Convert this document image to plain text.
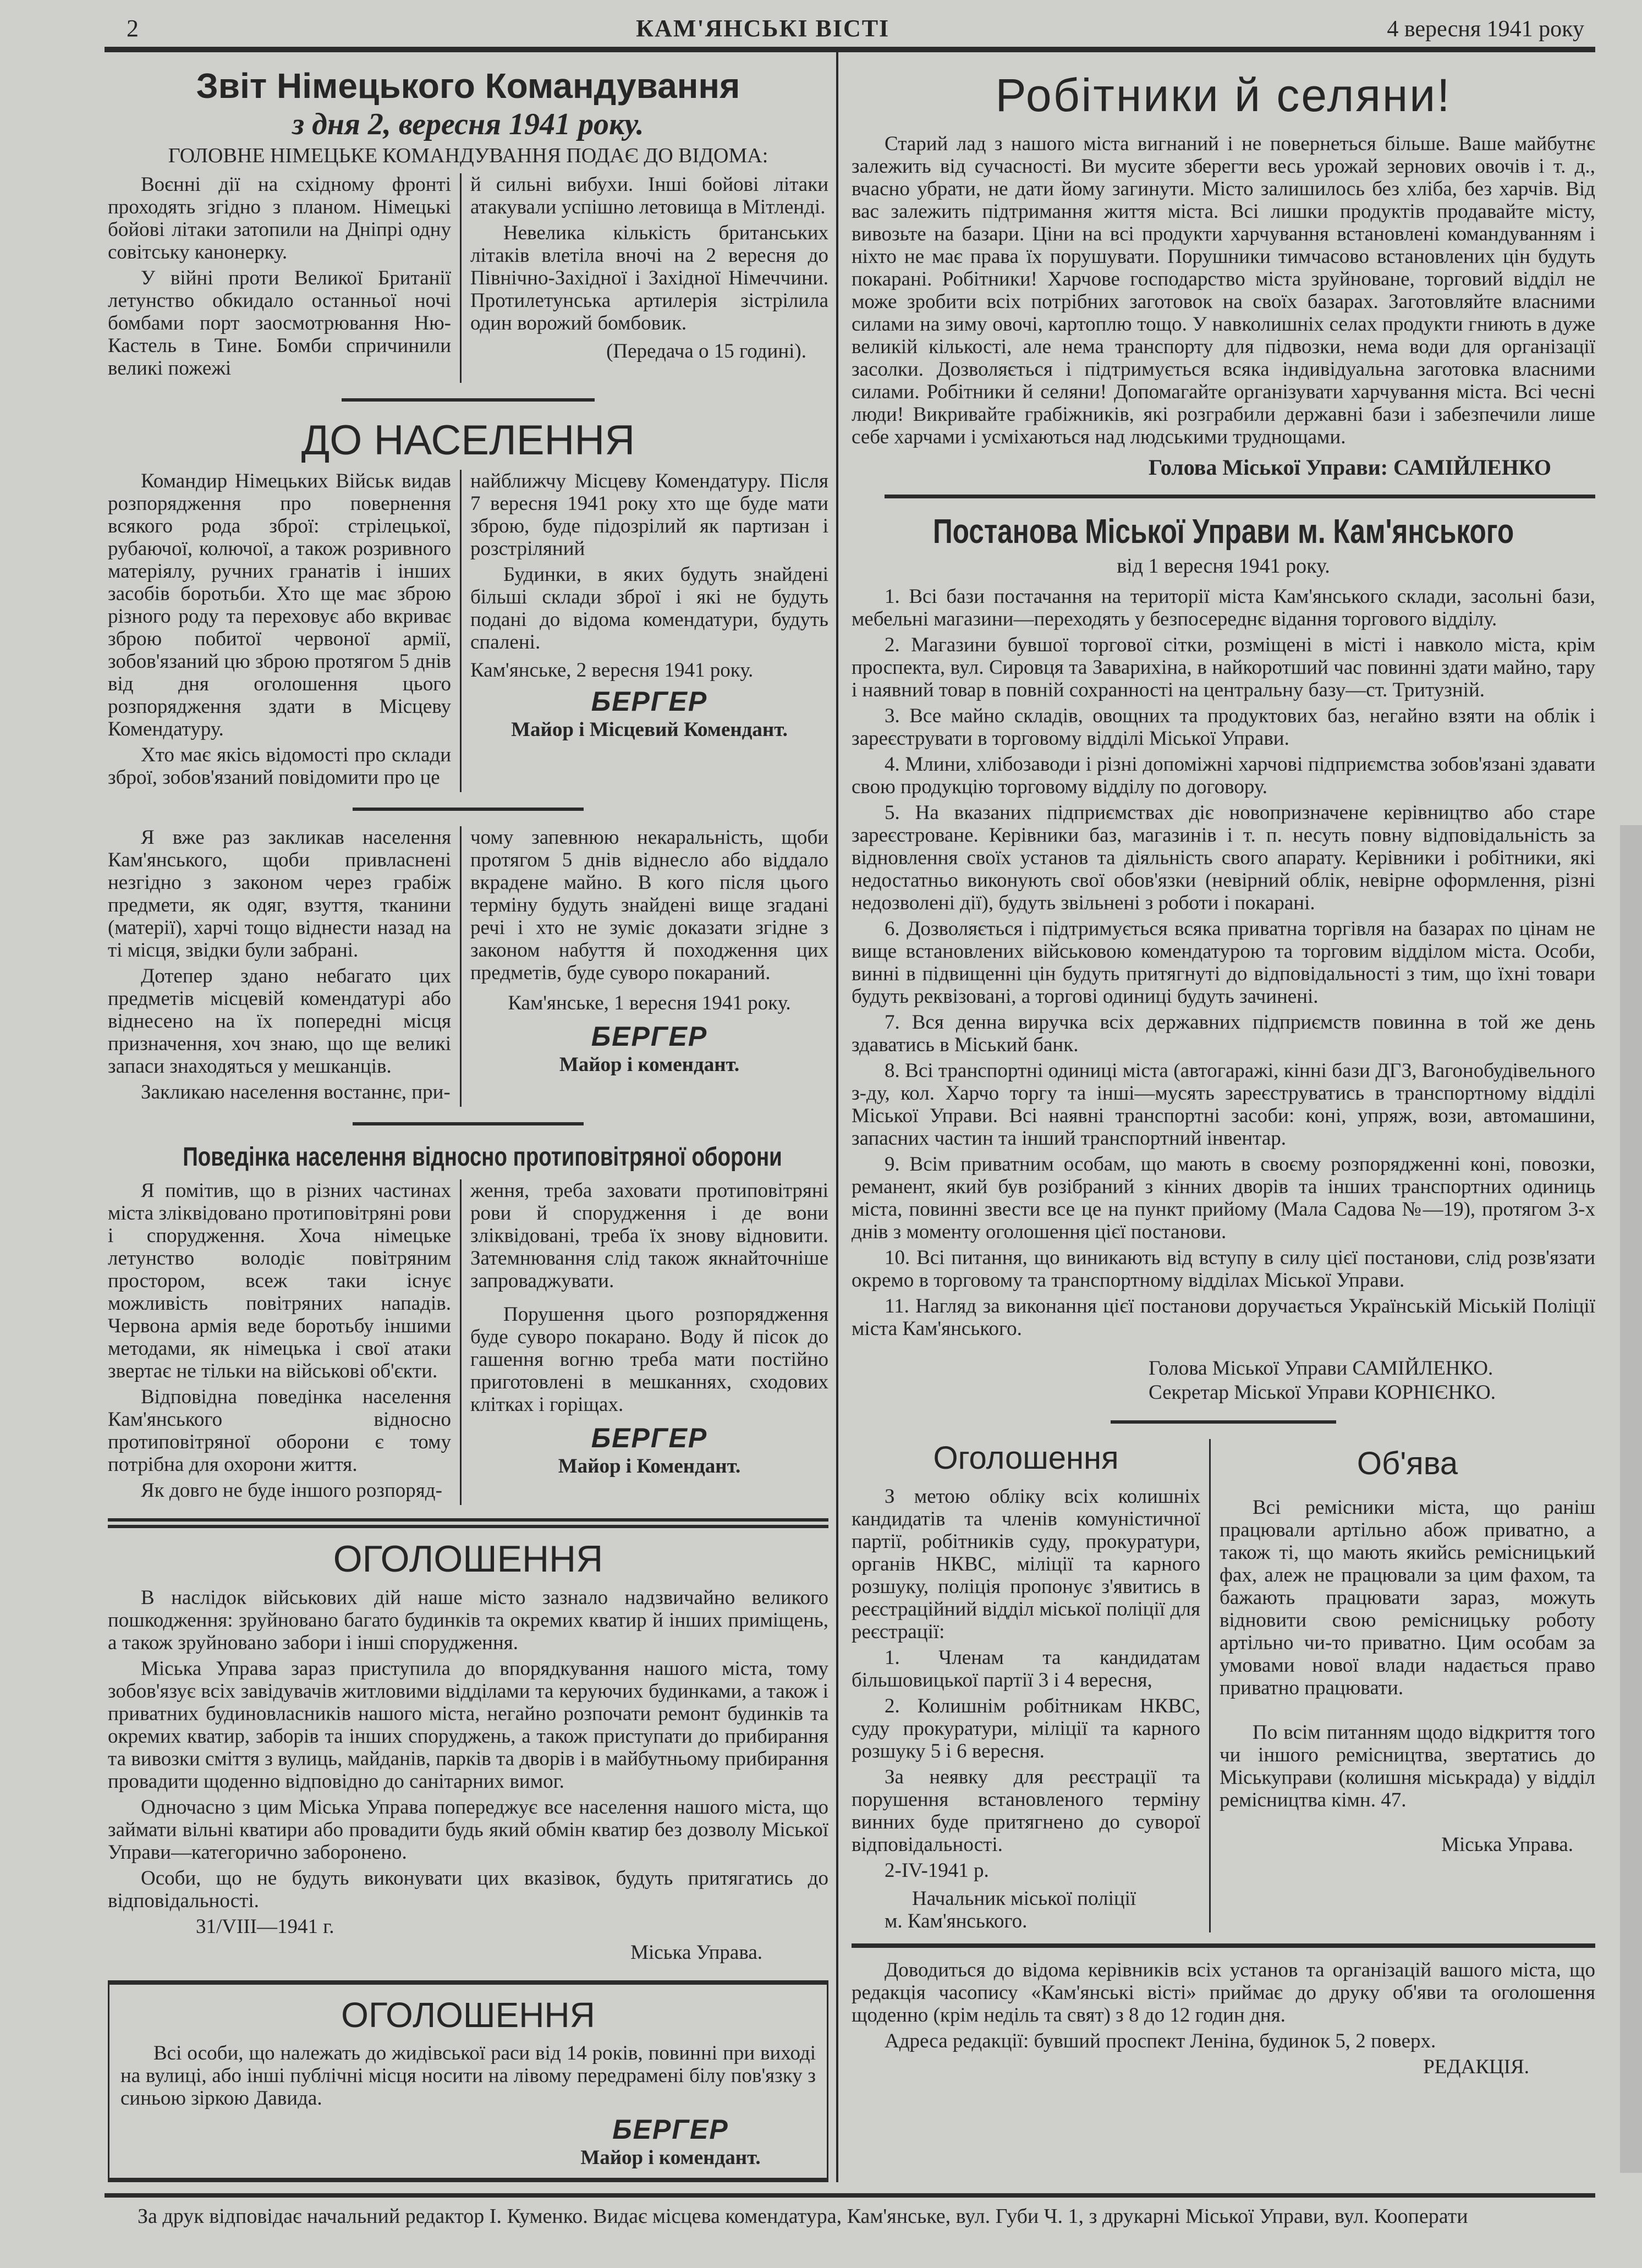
2	КАМ'ЯНСЬКІ ВІСТІ	4 вересня 1941 року
Звіт Німецького Командування
з дня 2, вересня 1941 року.
ГОЛОВНЕ НІМЕЦЬКЕ КОМАНДУВАННЯ ПОДАЄ ДО ВІДОМА:

Воєнні дії на східному фронті проходять згідно з планом. Німецькі бойові літаки затопили на Дніпрі одну совітську канонерку.

У війні проти Великої Британії летунство обкидало останньої ночі бомбами порт заосмотрювання Ню-Кастель в Тине. Бомби спричинили великі пожежі

й сильні вибухи. Інші бойові літаки атакували успішно летовища в Мітленді.

Невелика кількість британських літаків влетіла вночі на 2 вересня до Північно-Західної і Західної Німеччини. Протилетунська артилерія зістрілила один ворожий бомбовик.

(Передача о 15 годині).
ДО НАСЕЛЕННЯ

Командир Німецьких Військ видав розпорядження про повернення всякого рода зброї: стрілецької, рубаючої, колючої, а також розривного матеріялу, ручних гранатів і інших засобів боротьби. Хто ще має зброю різного роду та переховує або вкриває зброю побитої червоної армії, зобов'язаний цю зброю протягом 5 днів від дня оголошення цього розпорядження здати в Місцеву Комендатуру.

Хто має якісь відомості про склади зброї, зобов'язаний повідомити про це

найближчу Місцеву Комендатуру. Після 7 вересня 1941 року хто ще буде мати зброю, буде підозрілий як партизан і розстріляний

Будинки, в яких будуть знайдені більші склади зброї і які не будуть подані до відома комендатури, будуть спалені.

Кам'янське, 2 вересня 1941 року.

БЕРГЕР
Майор і Місцевий Комендант.

Я вже раз закликав населення Кам'янського, щоби привласнені незгідно з законом через грабіж предмети, як одяг, взуття, тканини (матерії), харчі тощо віднести назад на ті місця, звідки були забрані.

Дотепер здано небагато цих предметів місцевій комендатурі або віднесено на їх попередні місця призначення, хоч знаю, що ще великі запаси знаходяться у мешканців.

Закликаю населення востаннє, при-

чому запевнюю некаральність, щоби протягом 5 днів віднесло або віддало вкрадене майно. В кого після цього терміну будуть знайдені вище згадані речі і хто не зуміє доказати згідне з законом набуття й походження цих предметів, буде суворо покараний.

Кам'янське, 1 вересня 1941 року.
БЕРГЕР
Майор і комендант.
Поведінка населення відносно протиповітряної оборони

Я помітив, що в різних частинах міста зліквідовано протиповітряні рови і спорудження. Хоча німецьке летунство володіє повітряним простором, всеж таки існує можливість повітряних нападів. Червона армія веде боротьбу іншими методами, як німецька і свої атаки звертає не тільки на військові об'єкти.

Відповідна поведінка населення Кам'янського відносно протиповітряної оборони є тому потрібна для охорони життя.

Як довго не буде іншого розпоряд-

ження, треба заховати протиповітряні рови й спорудження і де вони зліквідовані, треба їх знову відновити. Затемнювання слід також якнайточніше запроваджувати.

Порушення цього розпорядження буде суворо покарано. Воду й пісок до гашення вогню треба мати постійно приготовлені в мешканнях, сходових клітках і горіщах.

БЕРГЕР
Майор і Комендант.
ОГОЛОШЕННЯ

В наслідок військових дій наше місто зазнало надзвичайно великого пошкодження: зруйновано багато будинків та окремих кватир й інших приміщень, а також зруйновано забори і інші спорудження.

Міська Управа зараз приступила до впорядкування нашого міста, тому зобов'язує всіх завідувачів житловими відділами та керуючих будинками, а також і приватних будиновласників нашого міста, негайно розпочати ремонт будинків та окремих кватир, заборів та інших споруджень, а також приступати до прибирання та вивозки сміття з вулиць, майданів, парків та дворів і в майбутньому прибирання провадити щоденно відповідно до санітарних вимог.

Одночасно з цим Міська Управа попереджує все населення нашого міста, що займати вільні кватири або провадити будь який обмін кватир без дозволу Міської Управи—категорично заборонено.

Особи, що не будуть виконувати цих вказівок, будуть притягатись до відповідальності.

31/VIII—1941 г.

Міська Управа.
ОГОЛОШЕННЯ

Всі особи, що належать до жидівської раси від 14 років, повинні при виході на вулиці, або інші публічні місця носити на лівому передрамені білу пов'язку з синьою зіркою Давида.

БЕРГЕР
Майор і комендант.
Робітники й селяни!

Старий лад з нашого міста вигнаний і не повернеться більше. Ваше майбутнє залежить від сучасності. Ви мусите зберегти весь урожай зернових овочів і т. д., вчасно убрати, не дати йому загинути. Місто залишилось без хліба, без харчів. Від вас залежить підтримання життя міста. Всі лишки продуктів продавайте місту, вивозьте на базари. Ціни на всі продукти харчування встановлені командуванням і ніхто не має права їх порушувати. Порушники тимчасово встановлених цін будуть покарані. Робітники! Харчове господарство міста зруйноване, торговий відділ не може зробити всіх потрібних заготовок на своїх базарах. Заготовляйте власними силами на зиму овочі, картоплю тощо. У навколишніх селах продукти гниють в дуже великій кількості, але нема транспорту для підвозки, нема води для організації засолки. Дозволяється і підтримується всяка індивідуальна заготовка власними силами. Робітники й селяни! Допомагайте організувати харчування міста. Всі чесні люди! Викривайте грабіжників, які розграбили державні бази і забезпечили лише себе харчами і усміхаються над людськими труднощами.

Голова Міської Управи: САМІЙЛЕНКО
Постанова Міської Управи м. Кам'янського
від 1 вересня 1941 року.

1. Всі бази постачання на території міста Кам'янського склади, засольні бази, мебельні магазини—переходять у безпосереднє відання торгового відділу.

2. Магазини бувшої торгової сітки, розміщені в місті і навколо міста, крім проспекта, вул. Сировця та Заварихіна, в найкоротший час повинні здати майно, тару і наявний товар в повній сохранності на центральну базу—ст. Тритузній.

3. Все майно складів, овощних та продуктових баз, негайно взяти на облік і зареєструвати в торговому відділі Міської Управи.

4. Млини, хлібозаводи і різні допоміжні харчові підприємства зобов'язані здавати свою продукцію торговому відділу по договору.

5. На вказаних підприємствах діє новопризначене керівництво або старе зареєстроване. Керівники баз, магазинів і т. п. несуть повну відповідальність за відновлення своїх установ та діяльність свого апарату. Керівники і робітники, які недостатньо виконують свої обов'язки (невірний облік, невірне оформлення, різні недозволені дії), будуть звільнені з роботи і покарані.

6. Дозволяється і підтримується всяка приватна торгівля на базарах по цінам не вище встановлених військовою комендатурою та торговим відділом міста. Особи, винні в підвищенні цін будуть притягнуті до відповідальності з тим, що їхні товари будуть реквізовані, а торгові одиниці будуть зачинені.

7. Вся денна виручка всіх державних підприємств повинна в той же день здаватись в Міський банк.

8. Всі транспортні одиниці міста (автогаражі, кінні бази ДГЗ, Вагонобудівельного з-ду, кол. Харчо торгу та інші—мусять зареєструватись в транспортному відділі Міської Управи. Всі наявні транспортні засоби: коні, упряж, вози, автомашини, запасних частин та інший транспортний інвентар.

9. Всім приватним особам, що мають в своєму розпорядженні коні, повозки, реманент, який був розібраний з кінних дворів та інших транспортних одиниць міста, повинні звести все це на пункт прийому (Мала Садова №—19), протягом 3-х днів з моменту оголошення цієї постанови.

10. Всі питання, що виникають від вступу в силу цієї постанови, слід розв'язати окремо в торговому та транспортному відділах Міської Управи.

11. Нагляд за виконання цієї постанови доручається Українській Міській Поліції міста Кам'янського.

Голова Міської Управи САМІЙЛЕНКО.
Секретар Міської Управи КОРНІЄНКО.
Оголошення

З метою обліку всіх колишніх кандидатів та членів комуністичної партії, робітників суду, прокуратури, органів НКВС, міліції та карного розшуку, поліція пропонує з'явитись в реєстраційний відділ міської поліції для реєстрації:

1. Членам та кандидатам більшовицької партії 3 і 4 вересня,

2. Колишнім робітникам НКВС, суду прокуратури, міліції та карного розшуку 5 і 6 вересня.

За неявку для реєстрації та порушення встановленого терміну винних буде притягнено до суворої відповідальності.

2-IV-1941 р.

Начальник міської поліції
м. Кам'янського.
Об'ява

Всі ремісники міста, що раніш працювали артільно абож приватно, а також ті, що мають якийсь ремісницький фах, алеж не працювали за цим фахом, та бажають працювати зараз, можуть відновити свою ремісницьку роботу артільно чи-то приватно. Цим особам за умовами нової влади надається право приватно працювати.

По всім питанням щодо відкриття того чи іншого ремісництва, звертатись до Міськуправи (колишня міськрада) у відділ ремісництва кімн. 47.

Міська Управа.

Доводиться до відома керівників всіх установ та організацій вашого міста, що редакція часопису «Кам'янські вісті» приймає до друку об'яви та оголошення щоденно (крім неділь та свят) з 8 до 12 годин дня.

Адреса редакції: бувший проспект Леніна, будинок 5, 2 поверх.

РЕДАКЦІЯ.
За друк відповідає начальний редактор І. Куменко. Видає місцева комендатура, Кам'янське, вул. Губи Ч. 1, з друкарні Міської Управи, вул. Кооперати
